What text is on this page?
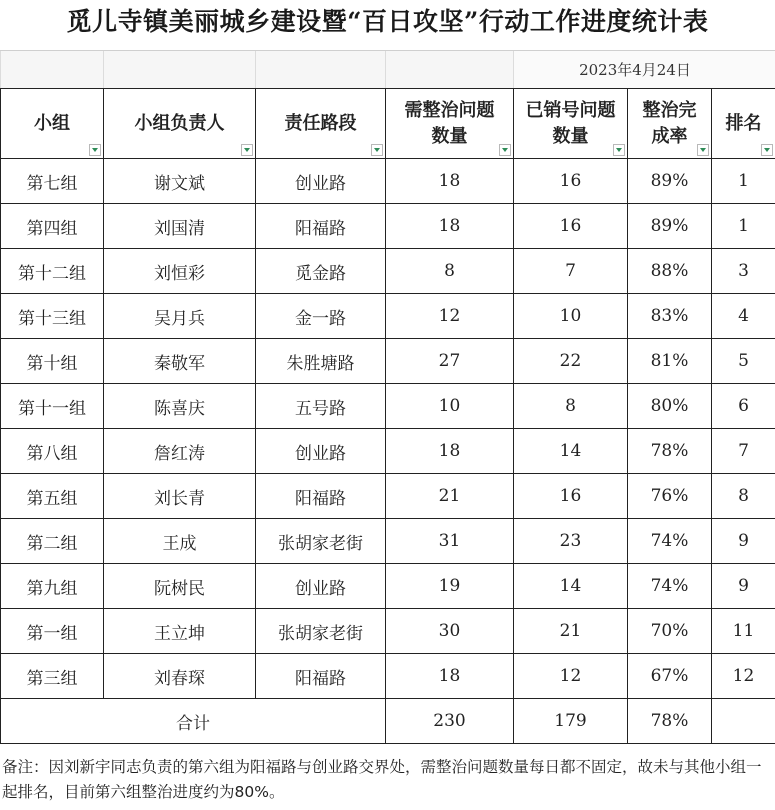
觅儿寺镇美丽城乡建设暨“百日攻坚”行动工作进度统计表
2023年4月24日
小组	小组负责人	责任路段	需整治问题数量	已销号问题数量	整治完成率	排名

第七组	谢文斌	创业路	18	16	89%	1
第四组	刘国清	阳福路	18	16	89%	1
第十二组	刘恒彩	觅金路	8	7	88%	3
第十三组	吴月兵	金一路	12	10	83%	4
第十组	秦敬军	朱胜塘路	27	22	81%	5
第十一组	陈喜庆	五号路	10	8	80%	6
第八组	詹红涛	创业路	18	14	78%	7
第五组	刘长青	阳福路	21	16	76%	8
第二组	王成	张胡家老街	31	23	74%	9
第九组	阮树民	创业路	19	14	74%	9
第一组	王立坤	张胡家老街	30	21	70%	11
第三组	刘春琛	阳福路	18	12	67%	12
合计			230	179	78%	
备注：因刘新宇同志负责的第六组为阳福路与创业路交界处，需整治问题数量每日都不固定，故未与其他小组一起排名，目前第六组整治进度约为80%。
